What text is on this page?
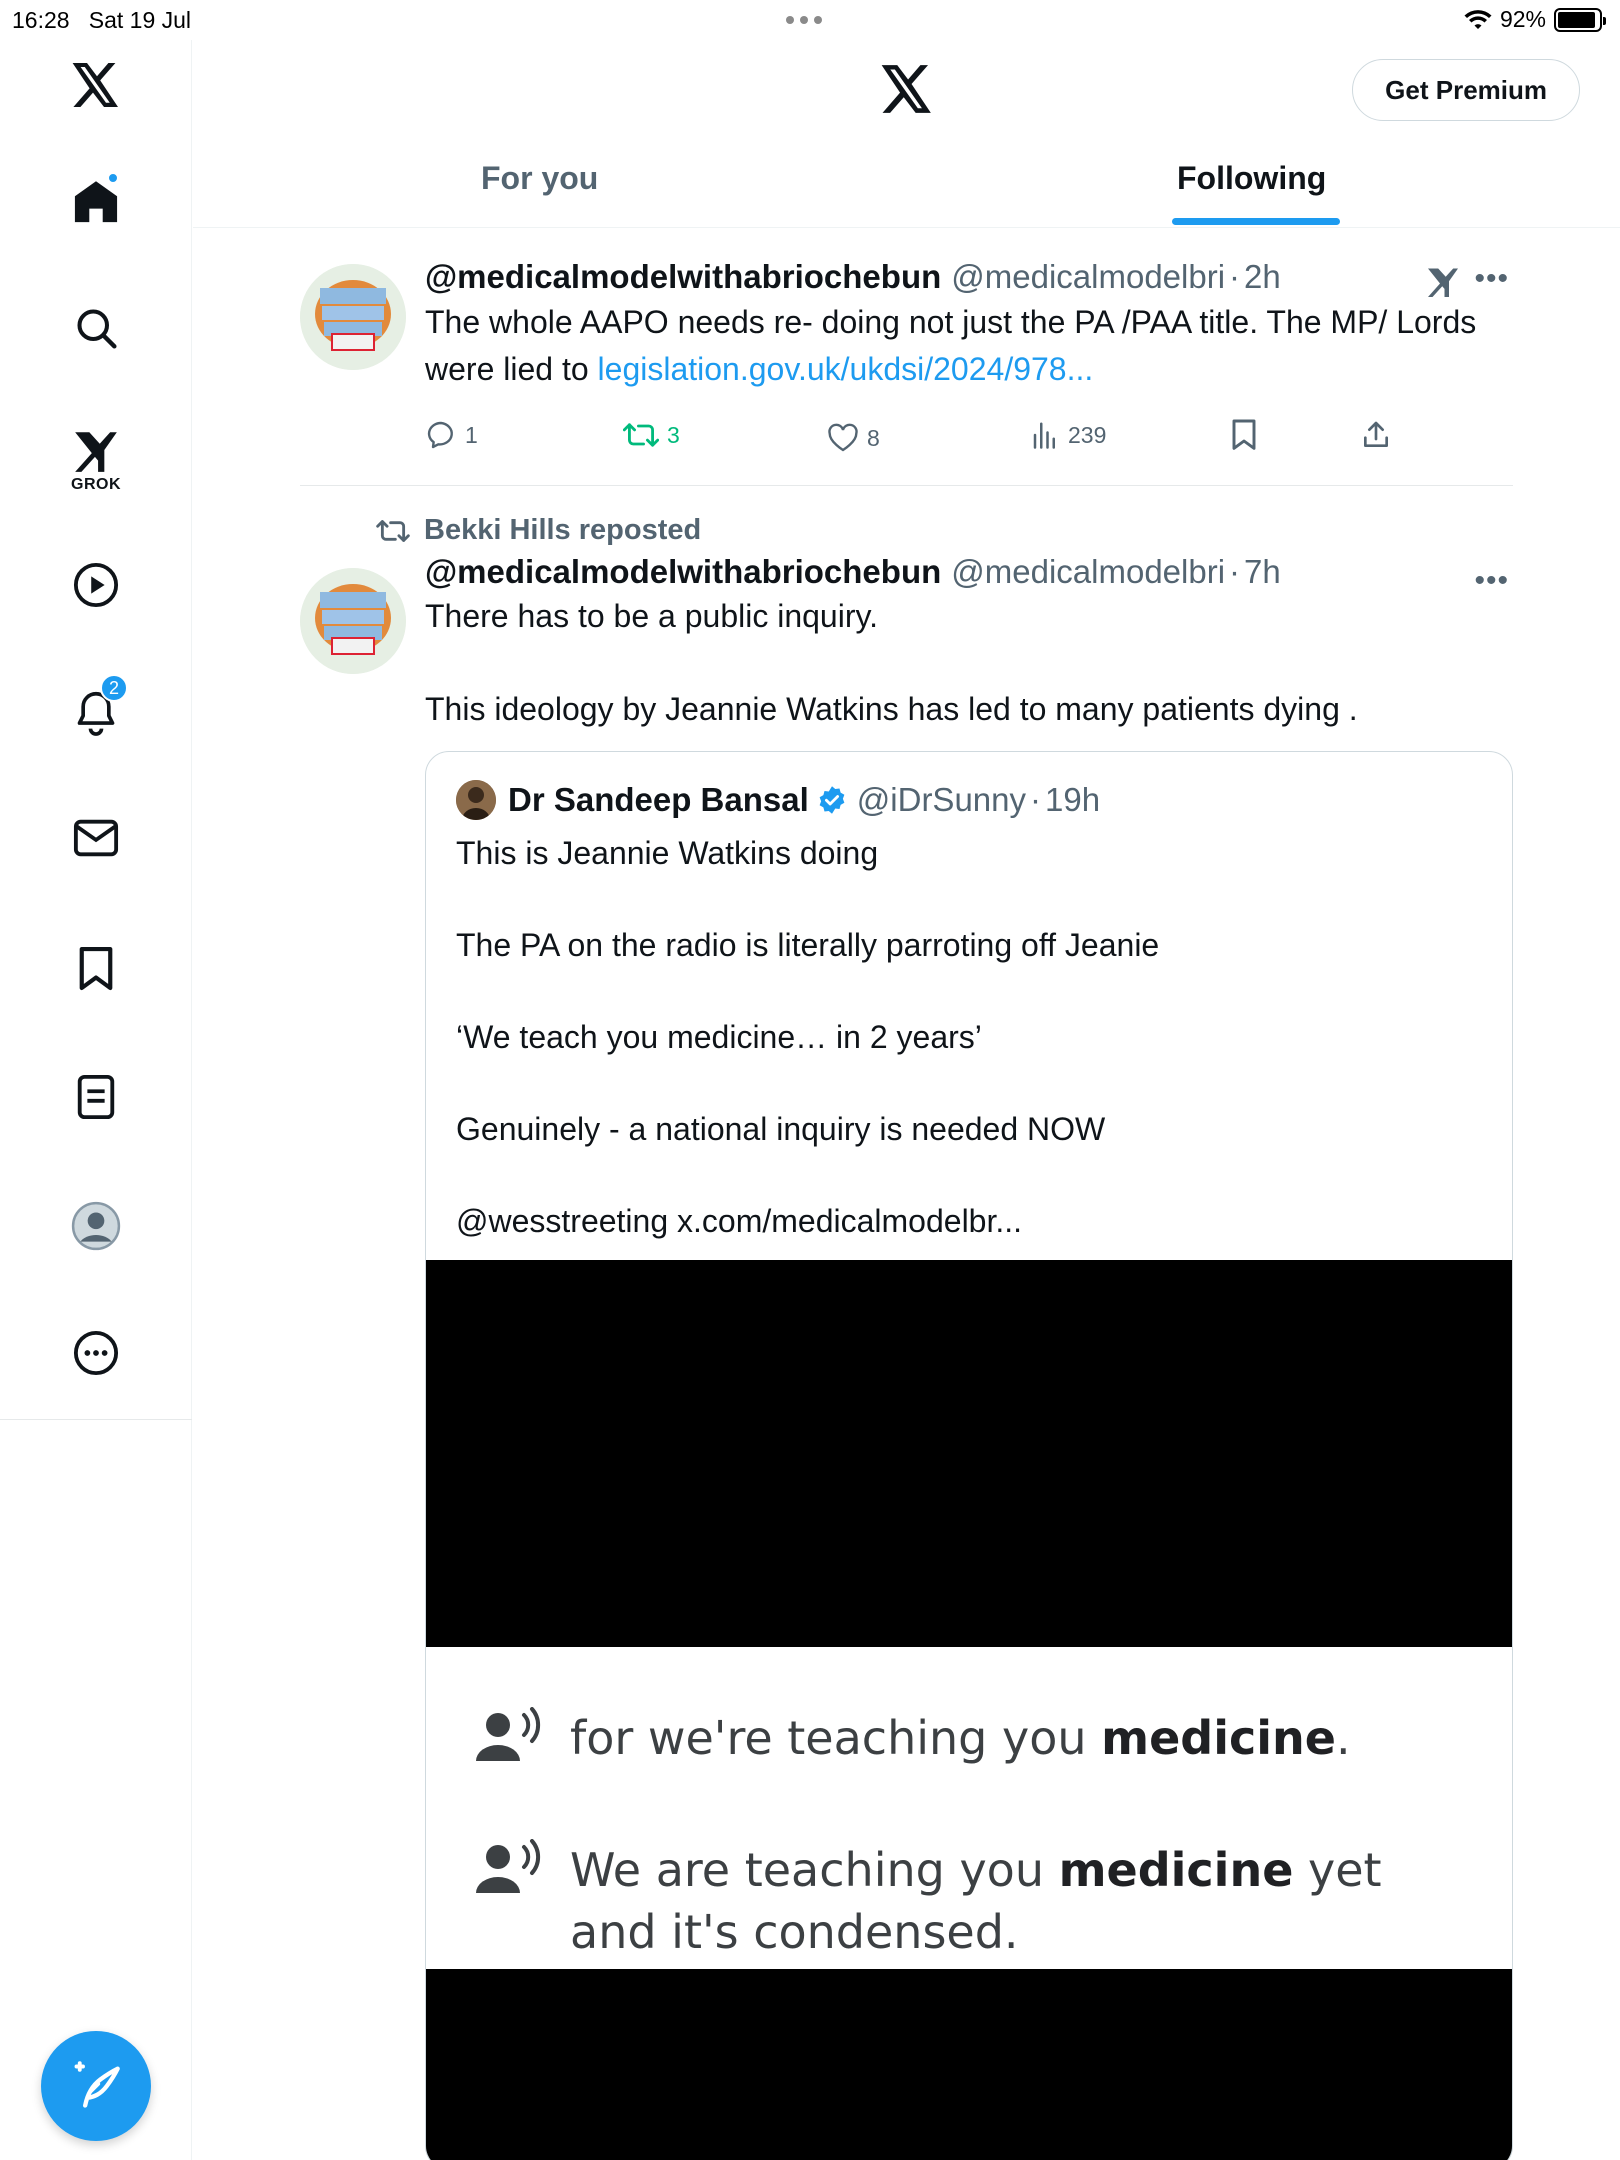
16:28 Sat 19 Jul	92%
GROK
2
Get Premium
For you	Following
•••
@medicalmodelwithabriochebun @medicalmodelbri · 2h
The whole AAPO needs re- doing not just the PA /PAA title. The MP/ Lords were lied to legislation.gov.uk/ukdsi/2024/978...
1	3	8	239
Bekki Hills reposted
•••
@medicalmodelwithabriochebun @medicalmodelbri · 7h
There has to be a public inquiry.
This ideology by Jeannie Watkins has led to many patients dying .
Dr Sandeep Bansal @iDrSunny · 19h

This is Jeannie Watkins doing

The PA on the radio is literally parroting off Jeanie

‘We teach you medicine… in 2 years’

Genuinely - a national inquiry is needed NOW

@wesstreeting x.com/medicalmodelbr...

for we're teaching you medicine.
We are teaching you medicine yet and it's condensed.
